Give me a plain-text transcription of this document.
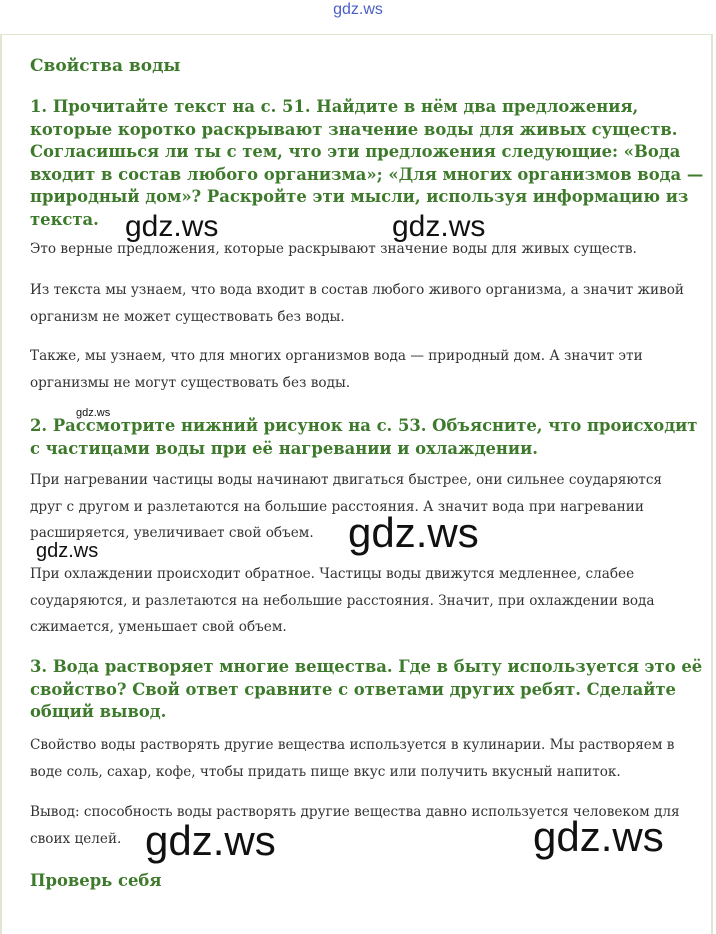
gdz.ws
Свойства воды
1. Прочитайте текст на с. 51. Найдите в нём два предложения, которые коротко раскрывают значение воды для живых существ. Согласишься ли ты с тем, что эти предложения следующие: «Вода входит в состав любого организма»; «Для многих организмов вода — природный дом»? Раскройте эти мысли, используя информацию из текста.

Это верные предложения, которые раскрывают значение воды для живых существ.

Из текста мы узнаем, что вода входит в состав любого живого организма, а значит живой организм не может существовать без воды.

Также, мы узнаем, что для многих организмов вода — природный дом. А значит эти организмы не могут существовать без воды.

2. Рассмотрите нижний рисунок на с. 53. Объясните, что происходит с частицами воды при её нагревании и охлаждении.

При нагревании частицы воды начинают двигаться быстрее, они сильнее соударяются друг с другом и разлетаются на большие расстояния. А значит вода при нагревании расширяется, увеличивает свой объем.

При охлаждении происходит обратное. Частицы воды движутся медленнее, слабее соударяются, и разлетаются на небольшие расстояния. Значит, при охлаждении вода сжимается, уменьшает свой объем.

3. Вода растворяет многие вещества. Где в быту используется это её свойство? Свой ответ сравните с ответами других ребят. Сделайте общий вывод.

Свойство воды растворять другие вещества используется в кулинарии. Мы растворяем в воде соль, сахар, кофе, чтобы придать пище вкус или получить вкусный напиток.

Вывод: способность воды растворять другие вещества давно используется человеком для своих целей.

Проверь себя
gdz.ws	gdz.ws
gdz.ws
gdz.ws
gdz.ws
gdz.ws	gdz.ws
